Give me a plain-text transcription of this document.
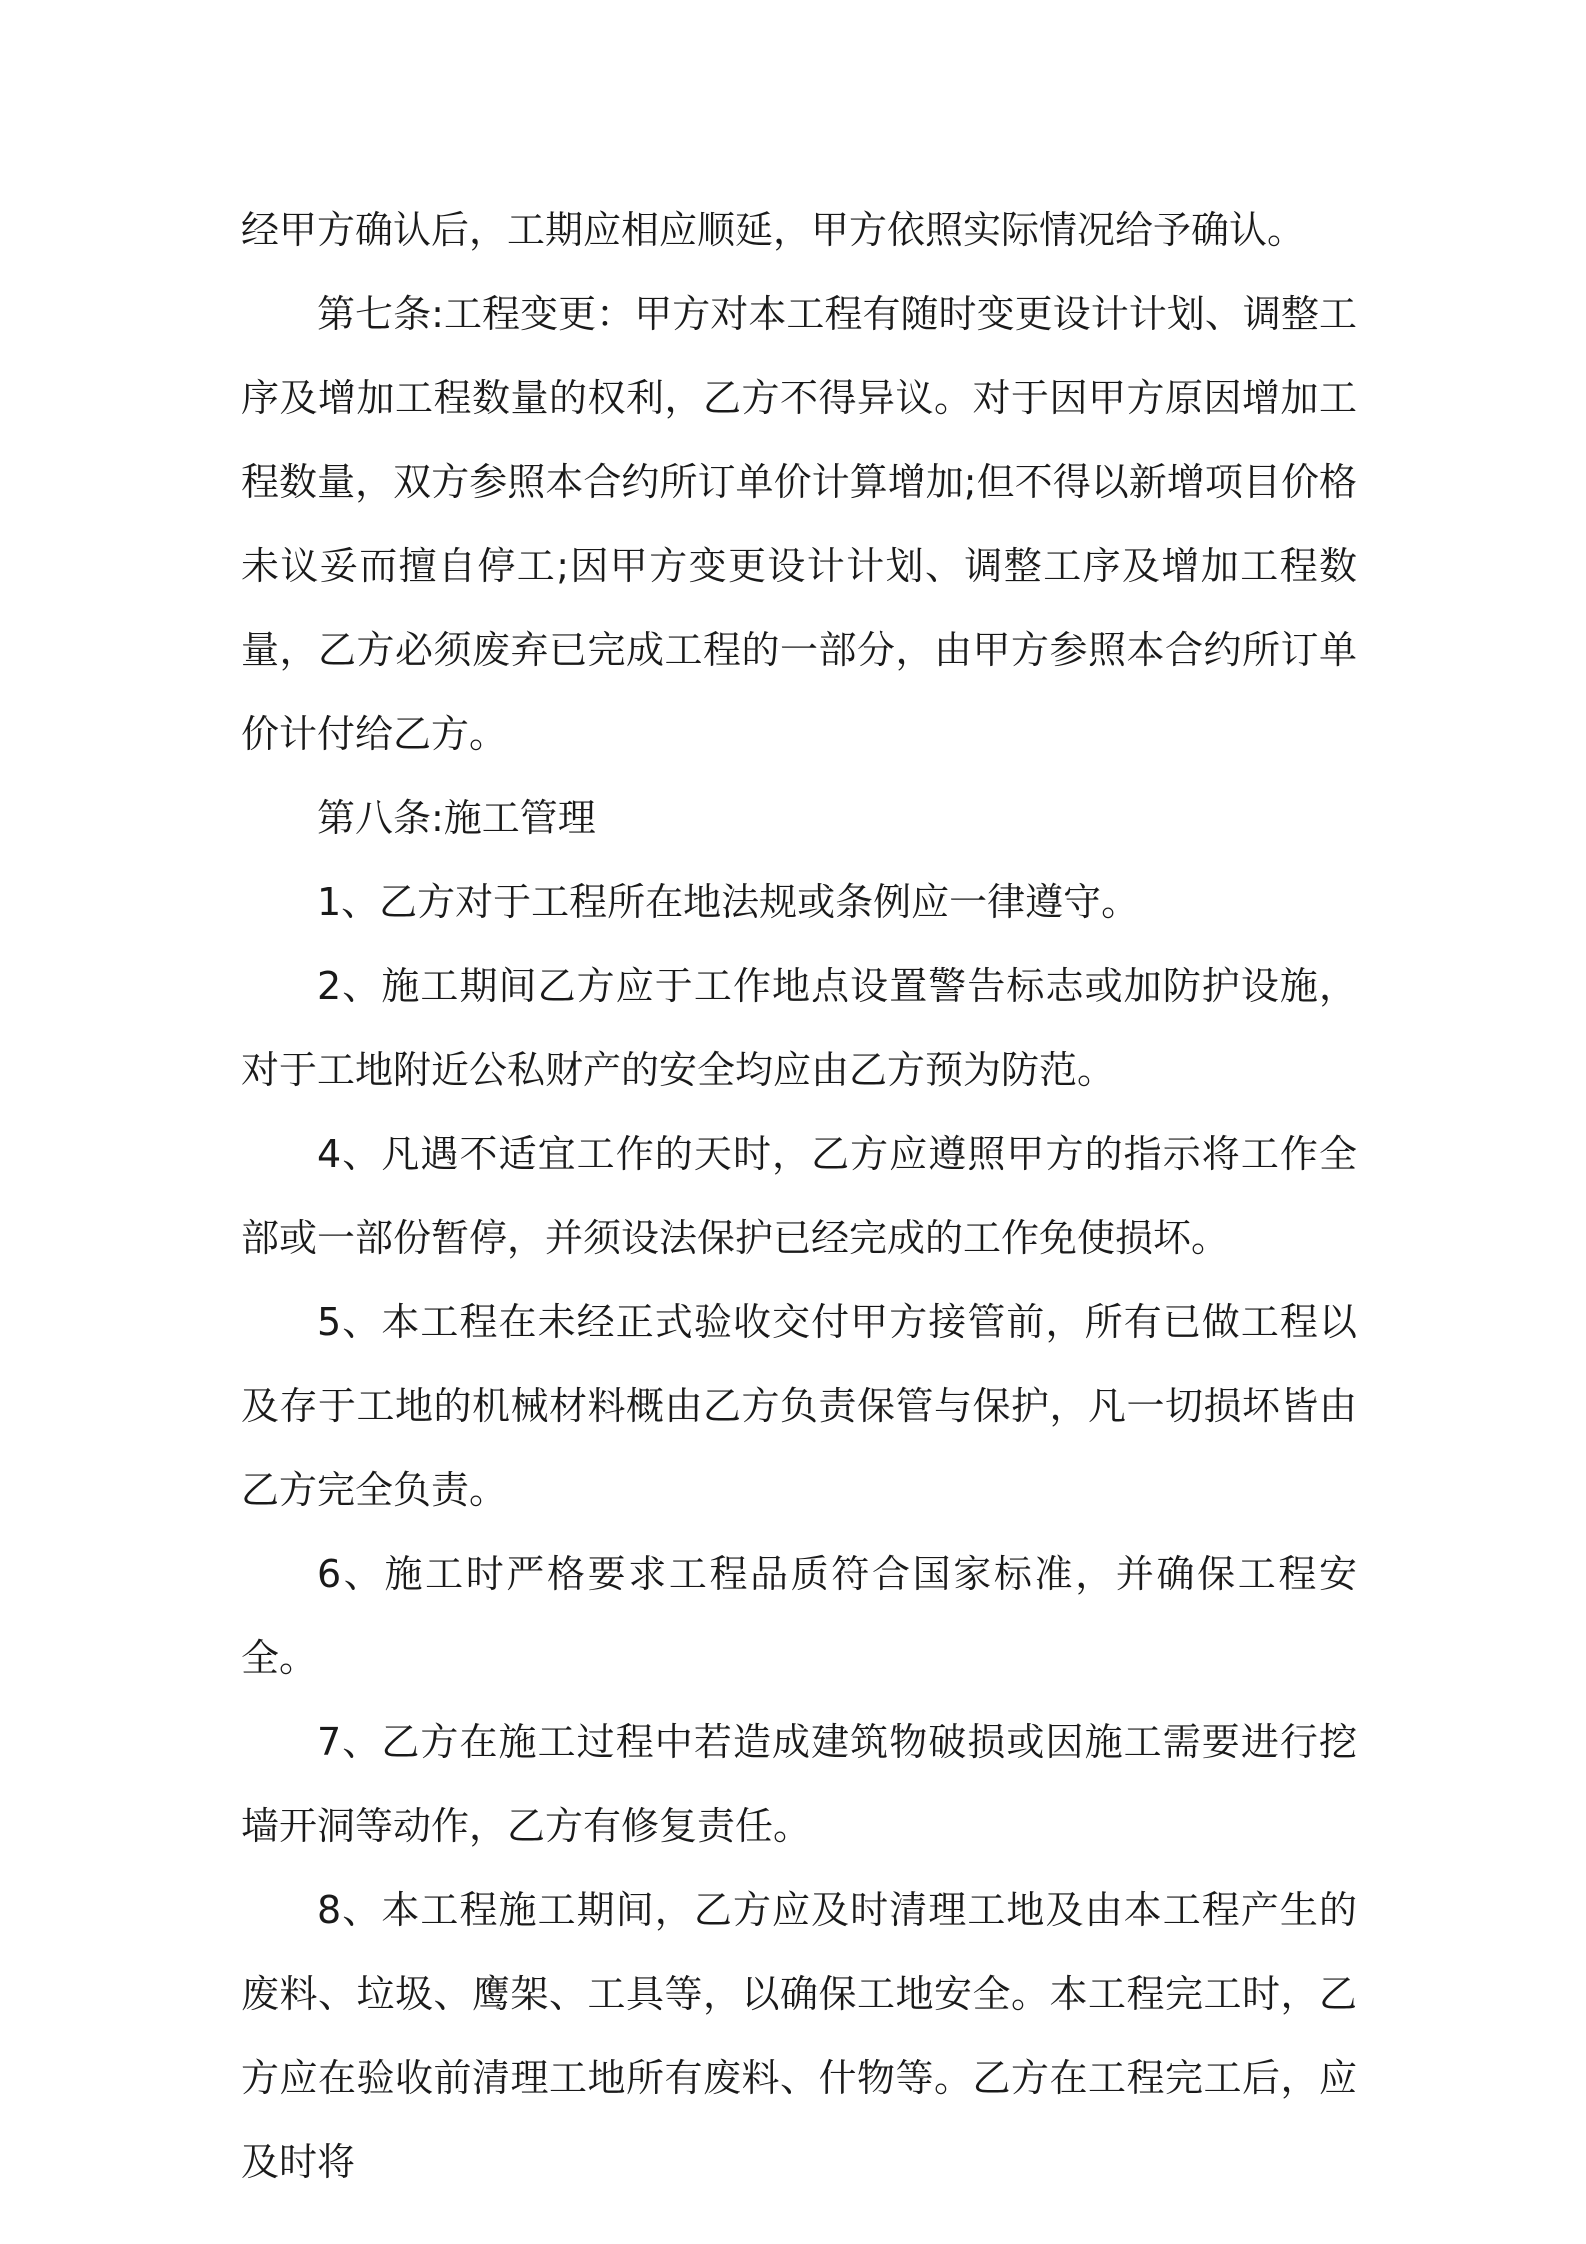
经甲方确认后，工期应相应顺延，甲方依照实际情况给予确认。

第七条:工程变更：甲方对本工程有随时变更设计计划、调整工序及增加工程数量的权利，乙方不得异议。对于因甲方原因增加工程数量，双方参照本合约所订单价计算增加;但不得以新增项目价格未议妥而擅自停工;因甲方变更设计计划、调整工序及增加工程数量，乙方必须废弃已完成工程的一部分，由甲方参照本合约所订单价计付给乙方。

第八条:施工管理

1、乙方对于工程所在地法规或条例应一律遵守。

2、施工期间乙方应于工作地点设置警告标志或加防护设施，对于工地附近公私财产的安全均应由乙方预为防范。

4、凡遇不适宜工作的天时，乙方应遵照甲方的指示将工作全部或一部份暂停，并须设法保护已经完成的工作免使损坏。

5、本工程在未经正式验收交付甲方接管前，所有已做工程以及存于工地的机械材料概由乙方负责保管与保护，凡一切损坏皆由乙方完全负责。

6、施工时严格要求工程品质符合国家标准，并确保工程安全。

7、乙方在施工过程中若造成建筑物破损或因施工需要进行挖墙开洞等动作，乙方有修复责任。

8、本工程施工期间，乙方应及时清理工地及由本工程产生的废料、垃圾、鹰架、工具等，以确保工地安全。本工程完工时，乙方应在验收前清理工地所有废料、什物等。乙方在工程完工后，应及时将
